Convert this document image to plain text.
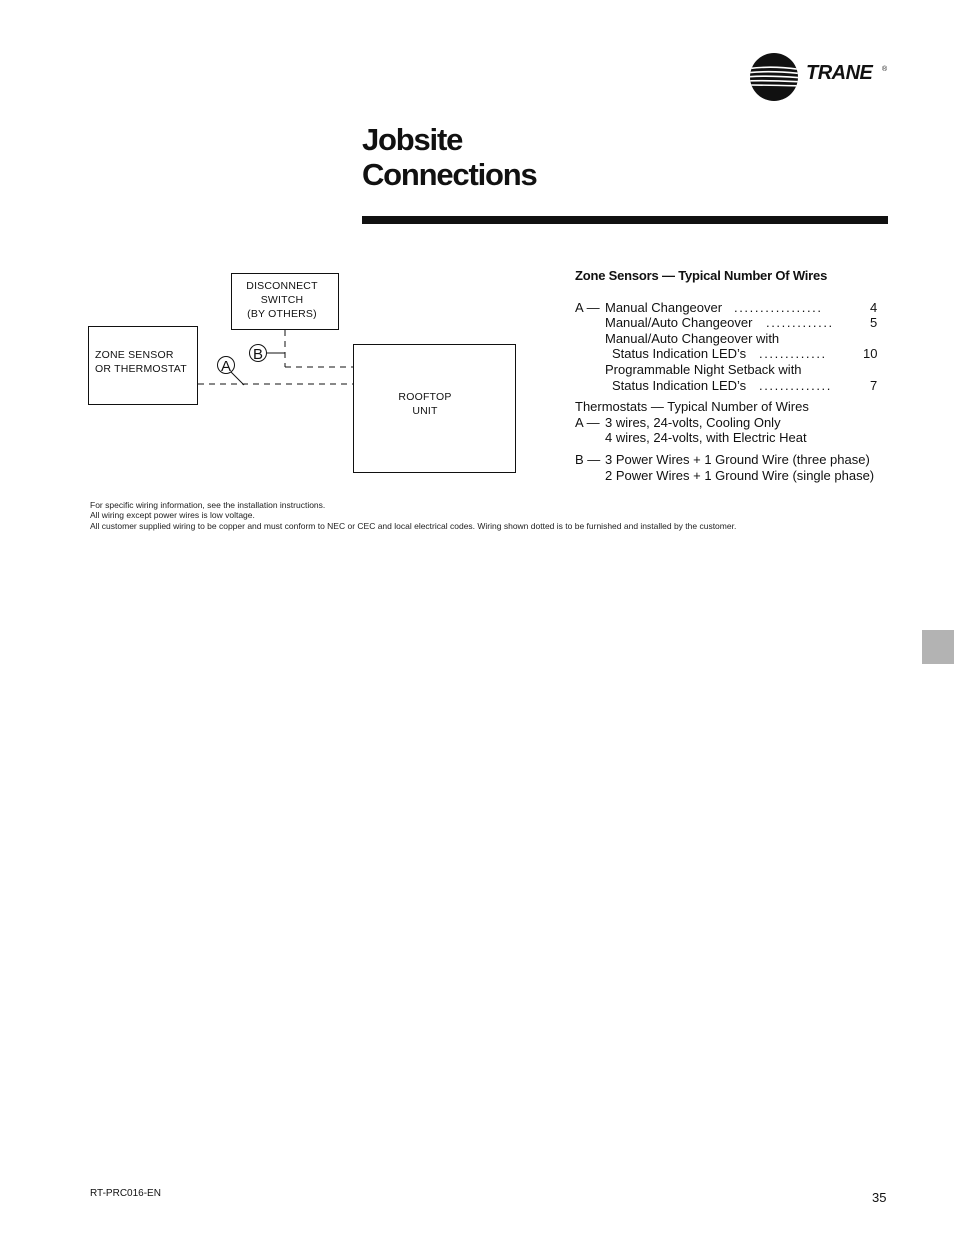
TRANE ®
Jobsite
Connections
DISCONNECT
SWITCH
(BY OTHERS)
ZONE SENSOR
OR THERMOSTAT
ROOFTOP
UNIT
A
B
Zone Sensors — Typical Number Of Wires
A — Manual Changeover .................	4
Manual/Auto Changeover .............	5
Manual/Auto Changeover with
Status Indication LED’s .............	10
Programmable Night Setback with
Status Indication LED’s ..............	7
Thermostats — Typical Number of Wires
A — 3 wires, 24-volts, Cooling Only
4 wires, 24-volts, with Electric Heat
B — 3 Power Wires + 1 Ground Wire (three phase)
2 Power Wires + 1 Ground Wire (single phase)
For specific wiring information, see the installation instructions.
All wiring except power wires is low voltage.
All customer supplied wiring to be copper and must conform to NEC or CEC and local electrical codes. Wiring shown dotted is to be furnished and installed by the customer.
RT-PRC016-EN	35
